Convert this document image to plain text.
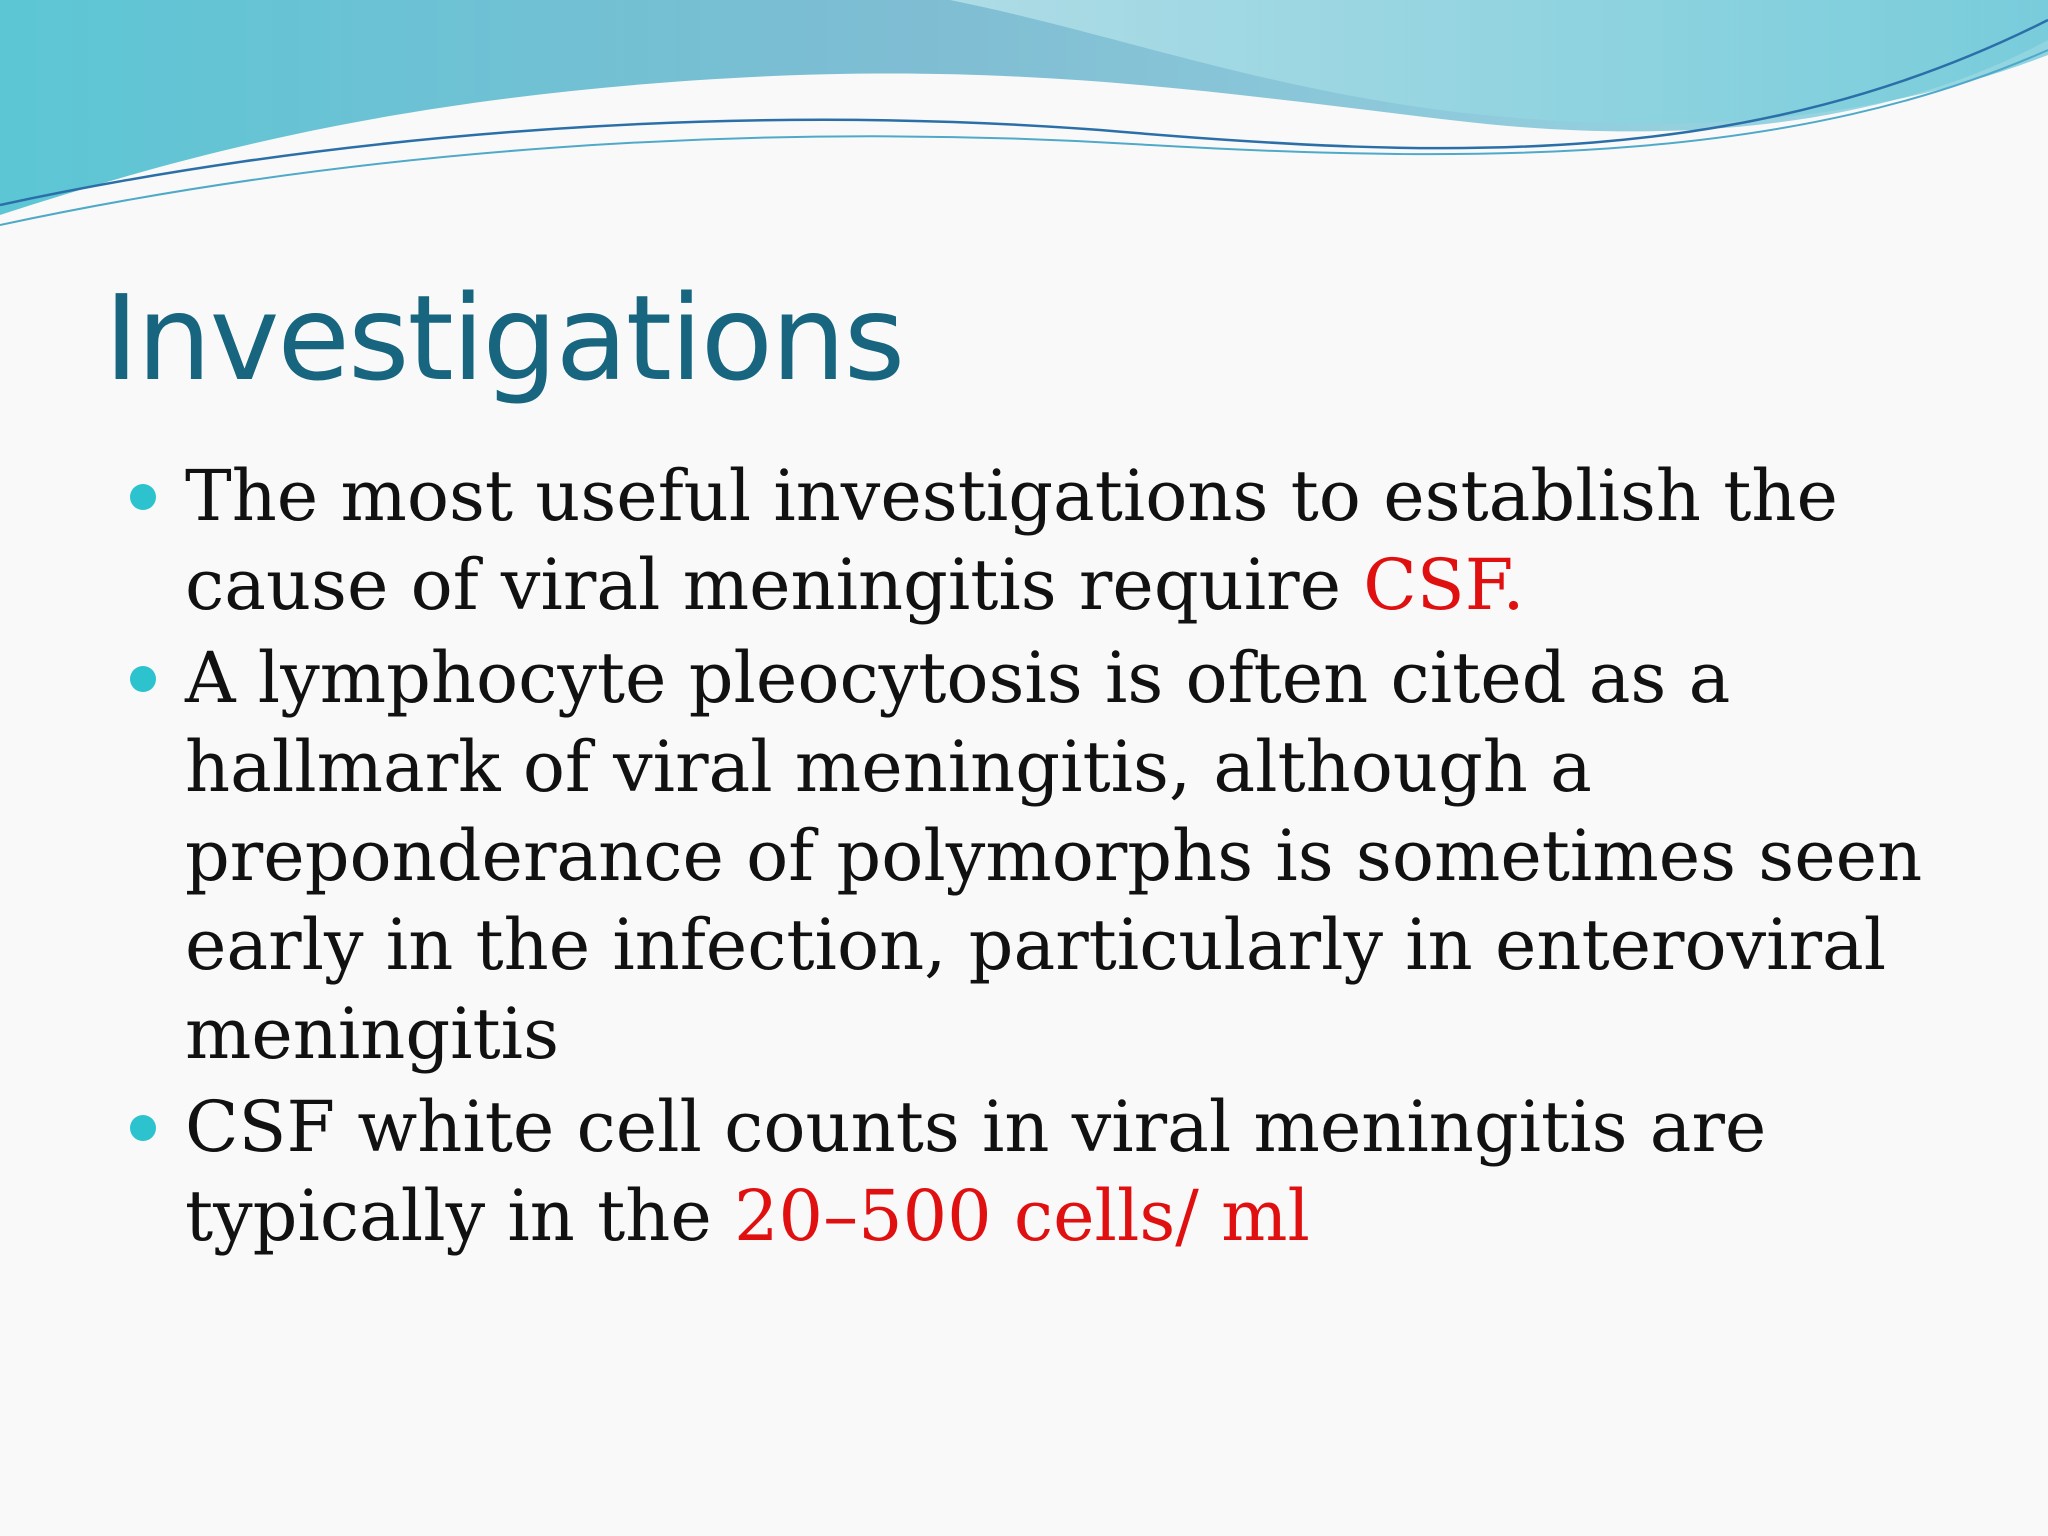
Investigations
The most useful investigations to establish the cause of viral meningitis require CSF.
A lymphocyte pleocytosis is often cited as a hallmark of viral meningitis, although a preponderance of polymorphs is sometimes seen early in the infection, particularly in enteroviral meningitis
CSF white cell counts in viral meningitis are typically in the 20–500 cells/ ml
